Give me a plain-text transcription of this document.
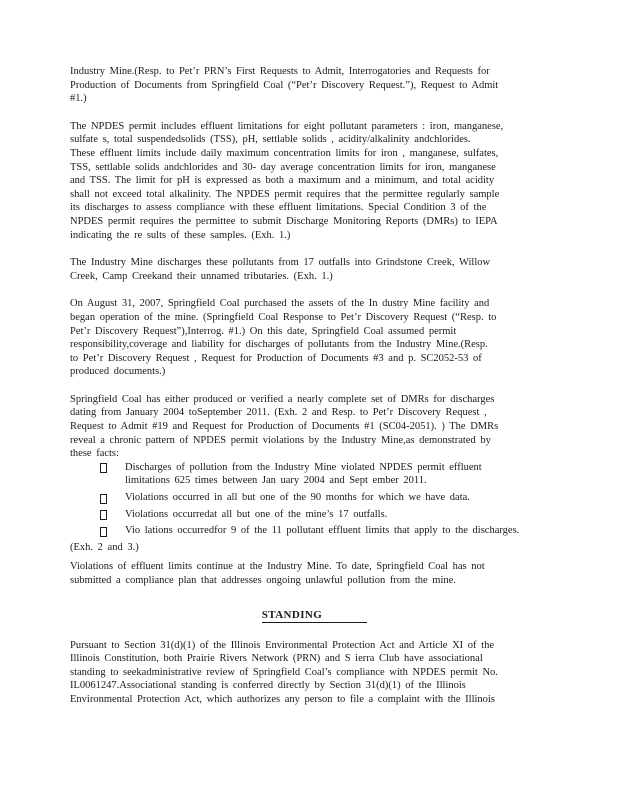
Industry Mine.(Resp. to Pet’r PRN’s First Requests to Admit, Interrogatories and Requests for
Production of Documents from Springfield Coal (“Pet’r Discovery Request.”), Request to Admit
#1.)
The NPDES permit includes effluent limitations for eight pollutant parameters : iron, manganese,
sulfate s, total suspendedsolids (TSS), pH, settlable solids , acidity/alkalinity andchlorides.
These effluent limits include daily maximum concentration limits for iron , manganese, sulfates,
TSS, settlable solids andchlorides and 30- day average concentration limits for iron, manganese
and TSS. The limit for pH is expressed as both a maximum and a minimum, and total acidity
shall not exceed total alkalinity. The NPDES permit requires that the permittee regularly sample
its discharges to assess compliance with these effluent limitations. Special Condition 3 of the
NPDES permit requires the permittee to submit Discharge Monitoring Reports (DMRs) to IEPA
indicating the re sults of these samples. (Exh. 1.)
The Industry Mine discharges these pollutants from 17 outfalls into Grindstone Creek, Willow
Creek, Camp Creekand their unnamed tributaries. (Exh. 1.)
On August 31, 2007, Springfield Coal purchased the assets of the In dustry Mine facility and
began operation of the mine. (Springfield Coal Response to Pet’r Discovery Request (“Resp. to
Pet’r Discovery Request”),Interrog. #1.) On this date, Springfield Coal assumed permit
responsibility,coverage and liability for discharges of pollutants from the Industry Mine.(Resp.
to Pet’r Discovery Request , Request for Production of Documents #3 and p. SC2052-53 of
produced documents.)
Springfield Coal has either produced or verified a nearly complete set of DMRs for discharges
dating from January 2004 toSeptember 2011. (Exh. 2 and Resp. to Pet’r Discovery Request ,
Request to Admit #19 and Request for Production of Documents #1 (SC04-2051). ) The DMRs
reveal a chronic pattern of NPDES permit violations by the Industry Mine,as demonstrated by
these facts:
Discharges of pollution from the Industry Mine violated NPDES permit effluent
limitations 625 times between Jan uary 2004 and Sept ember 2011.
Violations occurred in all but one of the 90 months for which we have data.
Violations occurredat all but one of the mine’s 17 outfalls.
Vio lations occurredfor 9 of the 11 pollutant effluent limits that apply to the discharges.
(Exh. 2 and 3.)
Violations of effluent limits continue at the Industry Mine. To date, Springfield Coal has not
submitted a compliance plan that addresses ongoing unlawful pollution from the mine.
STANDING
Pursuant to Section 31(d)(1) of the Illinois Environmental Protection Act and Article XI of the
Illinois Constitution, both Prairie Rivers Network (PRN) and S ierra Club have associational
standing to seekadministrative review of Springfield Coal’s compliance with NPDES permit No.
IL0061247.Associational standing is conferred directly by Section 31(d)(1) of the Illinois
Environmental Protection Act, which authorizes any person to file a complaint with the Illinois
